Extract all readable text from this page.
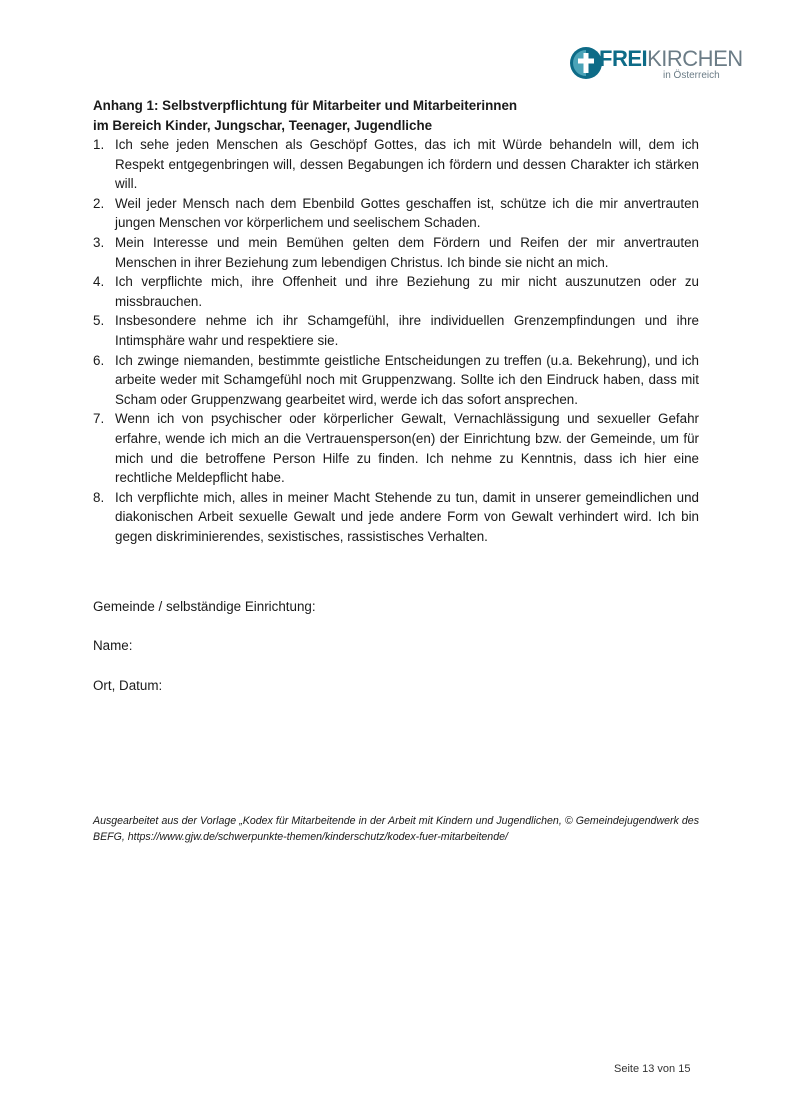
FREIKIRCHEN
in Österreich
Anhang 1: Selbstverpflichtung für Mitarbeiter und Mitarbeiterinnen
im Bereich Kinder, Jungschar, Teenager, Jugendliche
1. Ich sehe jeden Menschen als Geschöpf Gottes, das ich mit Würde behandeln will, dem ich Respekt entgegenbringen will, dessen Begabungen ich fördern und dessen Charakter ich stärken will.
2. Weil jeder Mensch nach dem Ebenbild Gottes geschaffen ist, schütze ich die mir anvertrauten jungen Menschen vor körperlichem und seelischem Schaden.
3. Mein Interesse und mein Bemühen gelten dem Fördern und Reifen der mir anvertrauten Menschen in ihrer Beziehung zum lebendigen Christus. Ich binde sie nicht an mich.
4. Ich verpflichte mich, ihre Offenheit und ihre Beziehung zu mir nicht auszunutzen oder zu missbrauchen.
5. Insbesondere nehme ich ihr Schamgefühl, ihre individuellen Grenzempfindungen und ihre Intimsphäre wahr und respektiere sie.
6. Ich zwinge niemanden, bestimmte geistliche Entscheidungen zu treffen (u.a. Bekehrung), und ich arbeite weder mit Schamgefühl noch mit Gruppenzwang. Sollte ich den Eindruck haben, dass mit Scham oder Gruppenzwang gearbeitet wird, werde ich das sofort ansprechen.
7. Wenn ich von psychischer oder körperlicher Gewalt, Vernachlässigung und sexueller Gefahr erfahre, wende ich mich an die Vertrauensperson(en) der Einrichtung bzw. der Gemeinde, um für mich und die betroffene Person Hilfe zu finden. Ich nehme zu Kenntnis, dass ich hier eine rechtliche Meldepflicht habe.
8. Ich verpflichte mich, alles in meiner Macht Stehende zu tun, damit in unserer gemeindlichen und diakonischen Arbeit sexuelle Gewalt und jede andere Form von Gewalt verhindert wird. Ich bin gegen diskriminierendes, sexistisches, rassistisches Verhalten.
Gemeinde / selbständige Einrichtung:
Name:
Ort, Datum:
Ausgearbeitet aus der Vorlage „Kodex für Mitarbeitende in der Arbeit mit Kindern und Jugendlichen, © Gemeindejugendwerk des BEFG, https://www.gjw.de/schwerpunkte-themen/kinderschutz/kodex-fuer-mitarbeitende/
Seite 13 von 15
